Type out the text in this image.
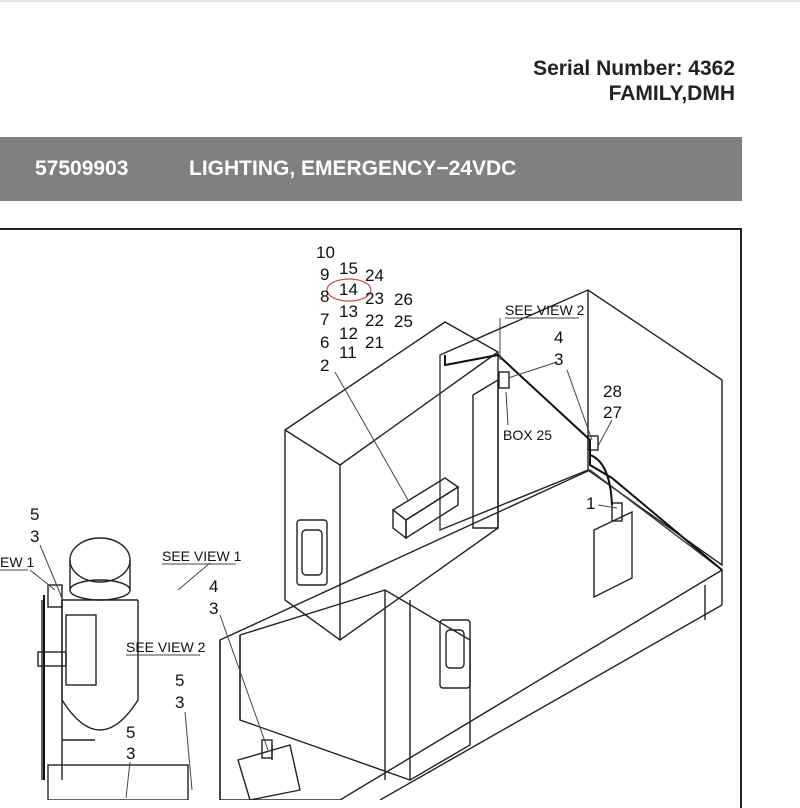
Serial Number: 4362
FAMILY,DMH
57509903	LIGHTING, EMERGENCY−24VDC
10
9 15 24
8 14 23 26
7 13 22 25
6 12 21
11
2
4
3
28
27
1
5
3
4
3
5
3
5
3
BOX 25
SEE VIEW 2
SEE VIEW 1
EW 1
SEE VIEW 2
